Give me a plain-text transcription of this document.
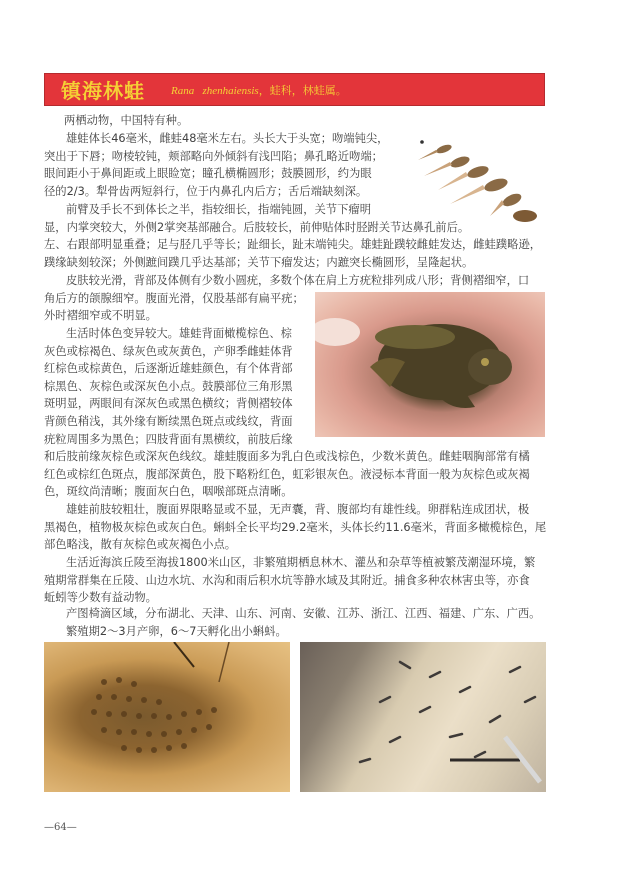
镇海林蛙 Rana zhenhaiensis，蛙科，林蛙属。

两栖动物，中国特有种。

雄蛙体长46毫米，雌蛙48毫米左右。头长大于头宽；吻端钝尖，

突出于下唇；吻棱较钝，颊部略向外倾斜有浅凹陷；鼻孔略近吻端；

眼间距小于鼻间距或上眼睑宽；瞳孔横椭圆形；鼓膜圆形，约为眼

径的2/3。犁骨齿两短斜行，位于内鼻孔内后方；舌后端缺刻深。

前臂及手长不到体长之半，指较细长，指端钝圆，关节下瘤明

显，内掌突较大，外侧2掌突基部融合。后肢较长，前伸贴体时胫跗关节达鼻孔前后。

左、右跟部明显重叠；足与胫几乎等长；趾细长，趾末端钝尖。雄蛙趾蹼较雌蛙发达，雌蛙蹼略逊，

蹼缘缺刻较深；外侧蹠间蹼几乎达基部；关节下瘤发达；内蹠突长椭圆形，呈隆起状。

皮肤较光滑，背部及体侧有少数小圆疣，多数个体在肩上方疣粒排列成八形；背侧褶细窄，口

角后方的颌腺细窄。腹面光滑，仅股基部有扁平疣；

外时褶细窄或不明显。

生活时体色变异较大。雄蛙背面橄榄棕色、棕

灰色或棕褐色、绿灰色或灰黄色，产卵季雌蛙体背

红棕色或棕黄色，后逐渐近雄蛙颜色，有个体背部

棕黑色、灰棕色或深灰色小点。鼓膜部位三角形黑

斑明显，两眼间有深灰色或黑色横纹；背侧褶较体

背颜色稍浅，其外缘有断续黑色斑点或线纹，背面

疣粒周围多为黑色；四肢背面有黑横纹，前肢后缘

和后肢前缘灰棕色或深灰色线纹。雄蛙腹面多为乳白色或浅棕色，少数米黄色。雌蛙咽胸部常有橘

红色或棕红色斑点，腹部深黄色，股下略粉红色，虹彩银灰色。液浸标本背面一般为灰棕色或灰褐

色，斑纹尚清晰；腹面灰白色，咽喉部斑点清晰。

雄蛙前肢较粗壮，腹面界限略显或不显，无声囊，背、腹部均有雄性线。卵群粘连成团状，极

黑褐色，植物极灰棕色或灰白色。蝌蚪全长平均29.2毫米，头体长约11.6毫米，背面多橄榄棕色，尾

部色略浅，散有灰棕色或灰褐色小点。

生活近海滨丘陵至海拔1800米山区，非繁殖期栖息林木、灌丛和杂草等植被繁茂潮湿环境，繁

殖期常群集在丘陵、山边水坑、水沟和雨后积水坑等静水域及其附近。捕食多种农林害虫等，亦食

蚯蚓等少数有益动物。

产图椅滴区域，分布湖北、天津、山东、河南、安徽、江苏、浙江、江西、福建、广东、广西。

繁殖期2～3月产卵，6～7天孵化出小蝌蚪。

—64—
